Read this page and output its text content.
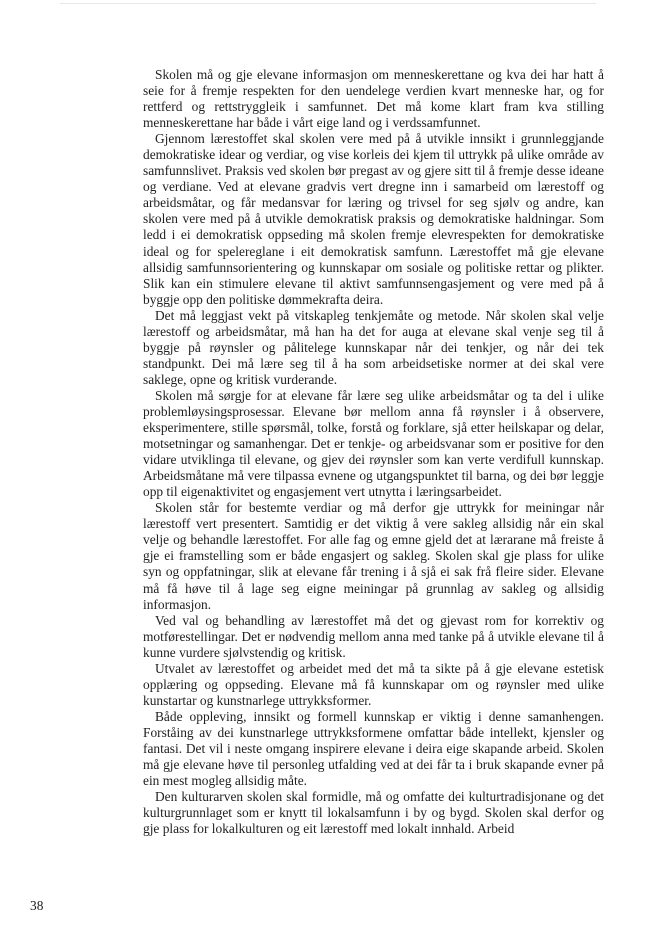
Skolen må og gje elevane informasjon om menneskerettane og kva dei har hatt å seie for å fremje respekten for den uendelege verdien kvart menneske har, og for rettferd og rettstryggleik i samfunnet. Det må kome klart fram kva stilling menneskerettane har både i vårt eige land og i verdssamfunnet.

Gjennom lærestoffet skal skolen vere med på å utvikle innsikt i grunnleggjande demokratiske idear og verdiar, og vise korleis dei kjem til uttrykk på ulike område av samfunnslivet. Praksis ved skolen bør pregast av og gjere sitt til å fremje desse ideane og verdiane. Ved at elevane gradvis vert dregne inn i samarbeid om lærestoff og arbeidsmåtar, og får medansvar for læring og trivsel for seg sjølv og andre, kan skolen vere med på å utvikle demokratisk praksis og demokratiske haldningar. Som ledd i ei demokratisk oppseding må skolen fremje elevrespekten for demokratiske ideal og for spelereglane i eit demokratisk samfunn. Lærestoffet må gje elevane allsidig samfunnsorientering og kunnskapar om sosiale og politiske rettar og plikter. Slik kan ein stimulere elevane til aktivt samfunnsengasjement og vere med på å byggje opp den politiske dømmekrafta deira.

Det må leggjast vekt på vitskapleg tenkjemåte og metode. Når skolen skal velje lærestoff og arbeidsmåtar, må han ha det for auga at elevane skal venje seg til å byggje på røynsler og pålitelege kunnskapar når dei tenkjer, og når dei tek standpunkt. Dei må lære seg til å ha som arbeidsetiske normer at dei skal vere saklege, opne og kritisk vurderande.

Skolen må sørgje for at elevane får lære seg ulike arbeidsmåtar og ta del i ulike problemløysingsprosessar. Elevane bør mellom anna få røynsler i å observere, eksperimentere, stille spørsmål, tolke, forstå og forklare, sjå etter heilskapar og delar, motsetningar og samanhengar. Det er tenkje- og arbeidsvanar som er positive for den vidare utviklinga til elevane, og gjev dei røynsler som kan verte verdifull kunnskap. Arbeidsmåtane må vere tilpassa evnene og utgangspunktet til barna, og dei bør leggje opp til eigenaktivitet og engasjement vert utnytta i læringsarbeidet.

Skolen står for bestemte verdiar og må derfor gje uttrykk for meiningar når lærestoff vert presentert. Samtidig er det viktig å vere sakleg allsidig når ein skal velje og behandle lærestoffet. For alle fag og emne gjeld det at lærarane må freiste å gje ei framstelling som er både engasjert og sakleg. Skolen skal gje plass for ulike syn og oppfatningar, slik at elevane får trening i å sjå ei sak frå fleire sider. Elevane må få høve til å lage seg eigne meiningar på grunnlag av sakleg og allsidig informasjon.

Ved val og behandling av lærestoffet må det og gjevast rom for korrektiv og motførestellingar. Det er nødvendig mellom anna med tanke på å utvikle elevane til å kunne vurdere sjølvstendig og kritisk.

Utvalet av lærestoffet og arbeidet med det må ta sikte på å gje elevane estetisk opplæring og oppseding. Elevane må få kunnskapar om og røynsler med ulike kunstartar og kunstnarlege uttrykksformer.

Både oppleving, innsikt og formell kunnskap er viktig i denne samanhengen. Forståing av dei kunstnarlege uttrykksformene omfattar både intellekt, kjensler og fantasi. Det vil i neste omgang inspirere elevane i deira eige skapande arbeid. Skolen må gje elevane høve til personleg utfalding ved at dei får ta i bruk skapande evner på ein mest mogleg allsidig måte.

Den kulturarven skolen skal formidle, må og omfatte dei kulturtradisjonane og det kulturgrunnlaget som er knytt til lokalsamfunn i by og bygd. Skolen skal derfor og gje plass for lokalkulturen og eit lærestoff med lokalt innhald. Arbeid

38
